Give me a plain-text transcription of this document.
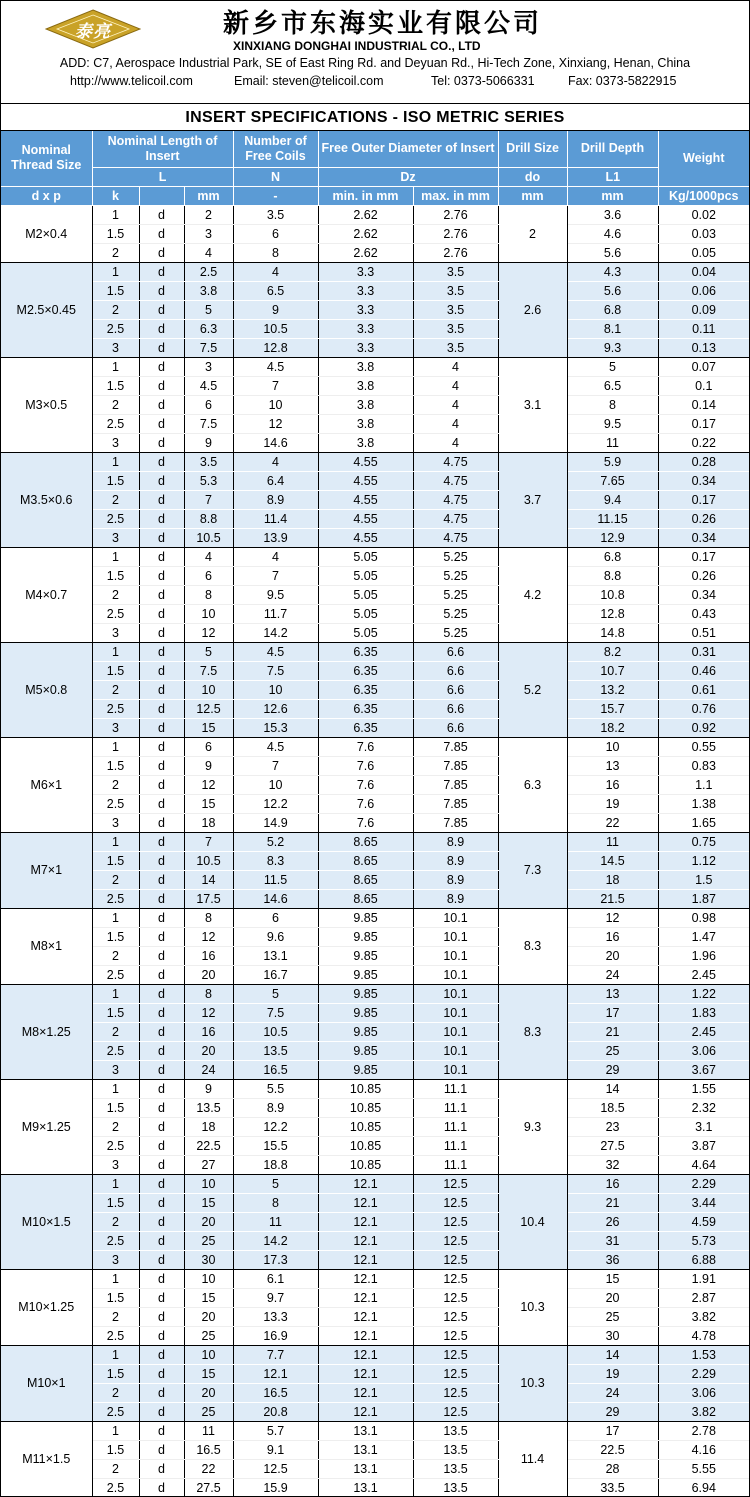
泰亮	新乡市东海实业有限公司
XINXIANG DONGHAI INDUSTRIAL CO., LTD
ADD: C7, Aerospace Industrial Park, SE of East Ring Rd. and Deyuan Rd., Hi-Tech Zone, Xinxiang, Henan, China
http://www.telicoil.com	Email: steven@telicoil.com	Tel: 0373-5066331	Fax: 0373-5822915
INSERT SPECIFICATIONS - ISO METRIC SERIES
Nominal Thread Size	Nominal Length of Insert			Number of Free Coils	Free Outer Diameter of Insert		Drill Size	Drill Depth	Weight
	L			N	Dz		do	L1	
d x p	k		mm	-	min. in mm	max. in mm	mm	mm	Kg/1000pcs
M2×0.4	1	d	2	3.5	2.62	2.76	2	3.6	0.02
	1.5	d	3	6	2.62	2.76		4.6	0.03
	2	d	4	8	2.62	2.76		5.6	0.05
M2.5×0.45	1	d	2.5	4	3.3	3.5	2.6	4.3	0.04
	1.5	d	3.8	6.5	3.3	3.5		5.6	0.06
	2	d	5	9	3.3	3.5		6.8	0.09
	2.5	d	6.3	10.5	3.3	3.5		8.1	0.11
	3	d	7.5	12.8	3.3	3.5		9.3	0.13
M3×0.5	1	d	3	4.5	3.8	4	3.1	5	0.07
	1.5	d	4.5	7	3.8	4		6.5	0.1
	2	d	6	10	3.8	4		8	0.14
	2.5	d	7.5	12	3.8	4		9.5	0.17
	3	d	9	14.6	3.8	4		11	0.22
M3.5×0.6	1	d	3.5	4	4.55	4.75	3.7	5.9	0.28
	1.5	d	5.3	6.4	4.55	4.75		7.65	0.34
	2	d	7	8.9	4.55	4.75		9.4	0.17
	2.5	d	8.8	11.4	4.55	4.75		11.15	0.26
	3	d	10.5	13.9	4.55	4.75		12.9	0.34
M4×0.7	1	d	4	4	5.05	5.25	4.2	6.8	0.17
	1.5	d	6	7	5.05	5.25		8.8	0.26
	2	d	8	9.5	5.05	5.25		10.8	0.34
	2.5	d	10	11.7	5.05	5.25		12.8	0.43
	3	d	12	14.2	5.05	5.25		14.8	0.51
M5×0.8	1	d	5	4.5	6.35	6.6	5.2	8.2	0.31
	1.5	d	7.5	7.5	6.35	6.6		10.7	0.46
	2	d	10	10	6.35	6.6		13.2	0.61
	2.5	d	12.5	12.6	6.35	6.6		15.7	0.76
	3	d	15	15.3	6.35	6.6		18.2	0.92
M6×1	1	d	6	4.5	7.6	7.85	6.3	10	0.55
	1.5	d	9	7	7.6	7.85		13	0.83
	2	d	12	10	7.6	7.85		16	1.1
	2.5	d	15	12.2	7.6	7.85		19	1.38
	3	d	18	14.9	7.6	7.85		22	1.65
M7×1	1	d	7	5.2	8.65	8.9	7.3	11	0.75
	1.5	d	10.5	8.3	8.65	8.9		14.5	1.12
	2	d	14	11.5	8.65	8.9		18	1.5
	2.5	d	17.5	14.6	8.65	8.9		21.5	1.87
M8×1	1	d	8	6	9.85	10.1	8.3	12	0.98
	1.5	d	12	9.6	9.85	10.1		16	1.47
	2	d	16	13.1	9.85	10.1		20	1.96
	2.5	d	20	16.7	9.85	10.1		24	2.45
M8×1.25	1	d	8	5	9.85	10.1	8.3	13	1.22
	1.5	d	12	7.5	9.85	10.1		17	1.83
	2	d	16	10.5	9.85	10.1		21	2.45
	2.5	d	20	13.5	9.85	10.1		25	3.06
	3	d	24	16.5	9.85	10.1		29	3.67
M9×1.25	1	d	9	5.5	10.85	11.1	9.3	14	1.55
	1.5	d	13.5	8.9	10.85	11.1		18.5	2.32
	2	d	18	12.2	10.85	11.1		23	3.1
	2.5	d	22.5	15.5	10.85	11.1		27.5	3.87
	3	d	27	18.8	10.85	11.1		32	4.64
M10×1.5	1	d	10	5	12.1	12.5	10.4	16	2.29
	1.5	d	15	8	12.1	12.5		21	3.44
	2	d	20	11	12.1	12.5		26	4.59
	2.5	d	25	14.2	12.1	12.5		31	5.73
	3	d	30	17.3	12.1	12.5		36	6.88
M10×1.25	1	d	10	6.1	12.1	12.5	10.3	15	1.91
	1.5	d	15	9.7	12.1	12.5		20	2.87
	2	d	20	13.3	12.1	12.5		25	3.82
	2.5	d	25	16.9	12.1	12.5		30	4.78
M10×1	1	d	10	7.7	12.1	12.5	10.3	14	1.53
	1.5	d	15	12.1	12.1	12.5		19	2.29
	2	d	20	16.5	12.1	12.5		24	3.06
	2.5	d	25	20.8	12.1	12.5		29	3.82
M11×1.5	1	d	11	5.7	13.1	13.5	11.4	17	2.78
	1.5	d	16.5	9.1	13.1	13.5		22.5	4.16
	2	d	22	12.5	13.1	13.5		28	5.55
	2.5	d	27.5	15.9	13.1	13.5		33.5	6.94
